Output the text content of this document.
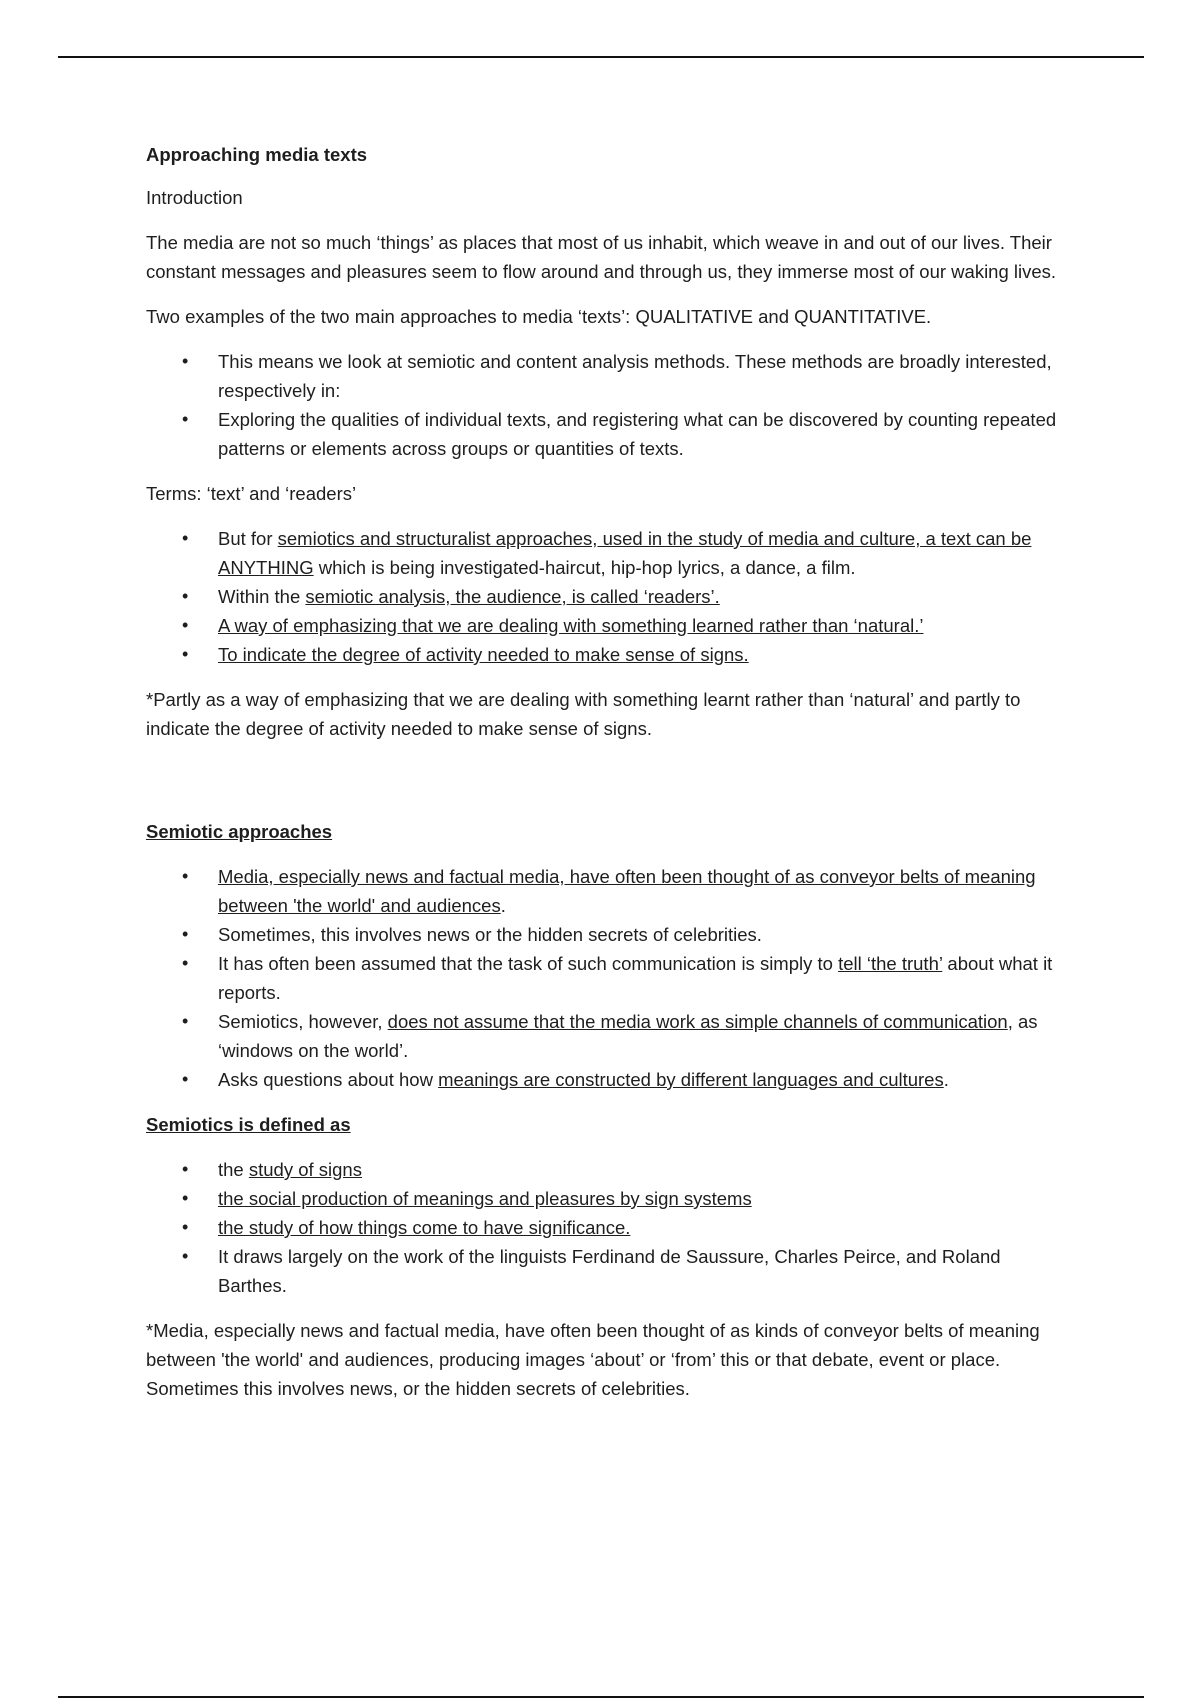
Approaching media texts

Introduction

The media are not so much ‘things’ as places that most of us inhabit, which weave in and out of our lives. Their constant messages and pleasures seem to flow around and through us, they immerse most of our waking lives.

Two examples of the two main approaches to media ‘texts’: QUALITATIVE and QUANTITATIVE.

• This means we look at semiotic and content analysis methods. These methods are broadly interested, respectively in:
• Exploring the qualities of individual texts, and registering what can be discovered by counting repeated patterns or elements across groups or quantities of texts.

Terms: ‘text’ and ‘readers’

• But for semiotics and structuralist approaches, used in the study of media and culture, a text can be ANYTHING which is being investigated-haircut, hip-hop lyrics, a dance, a film.
• Within the semiotic analysis, the audience, is called ‘readers’.
• A way of emphasizing that we are dealing with something learned rather than ‘natural.’
• To indicate the degree of activity needed to make sense of signs.

*Partly as a way of emphasizing that we are dealing with something learnt rather than ‘natural’ and partly to indicate the degree of activity needed to make sense of signs.

Semiotic approaches

• Media, especially news and factual media, have often been thought of as conveyor belts of meaning between 'the world' and audiences.
• Sometimes, this involves news or the hidden secrets of celebrities.
• It has often been assumed that the task of such communication is simply to tell ‘the truth’ about what it reports.
• Semiotics, however, does not assume that the media work as simple channels of communication, as ‘windows on the world’.
• Asks questions about how meanings are constructed by different languages and cultures.

Semiotics is defined as

• the study of signs
• the social production of meanings and pleasures by sign systems
• the study of how things come to have significance.
• It draws largely on the work of the linguists Ferdinand de Saussure, Charles Peirce, and Roland Barthes.

*Media, especially news and factual media, have often been thought of as kinds of conveyor belts of meaning between 'the world' and audiences, producing images ‘about’ or ‘from’ this or that debate, event or place. Sometimes this involves news, or the hidden secrets of celebrities.
